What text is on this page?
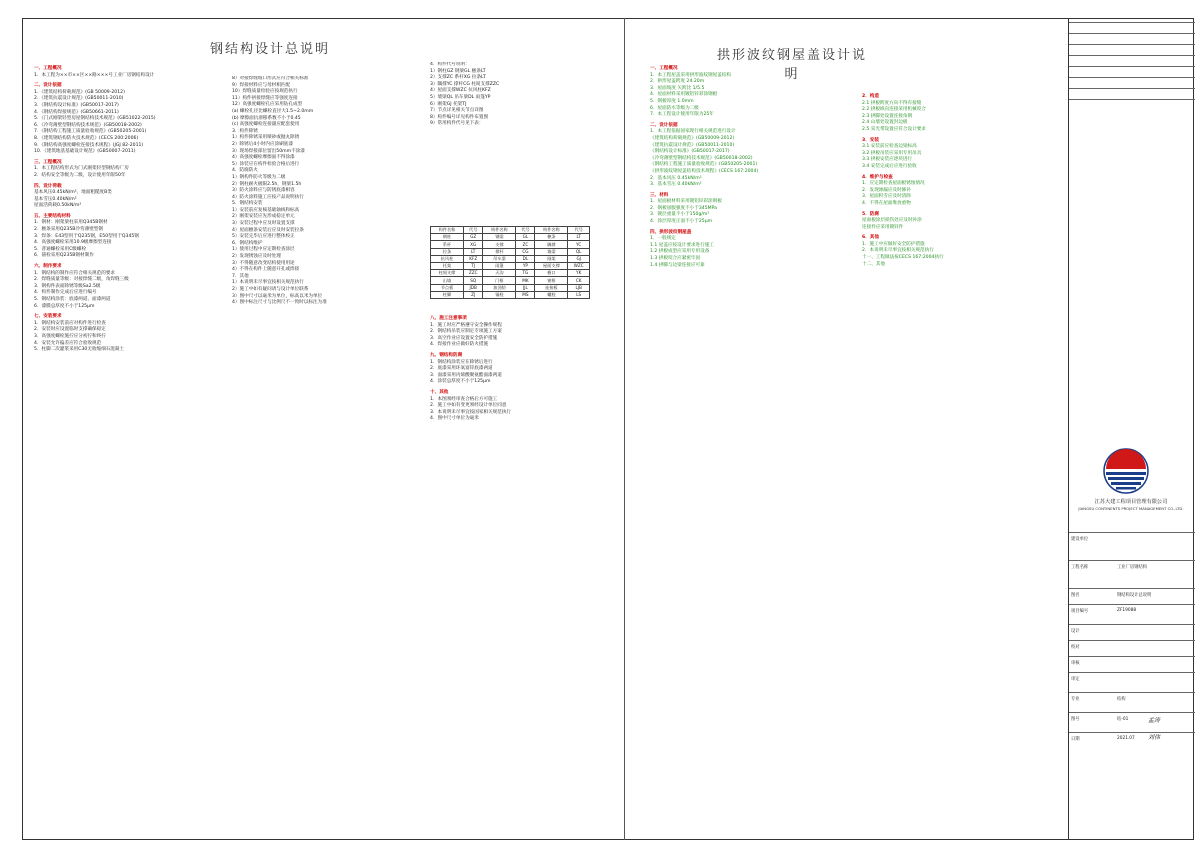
钢结构设计总说明	拱形波纹钢屋盖设计说明
一、工程概况
1．本工程为××市××区××路×××号工业厂房钢结构设计
二、设计依据
1．《建筑结构荷载规范》(GB 50009-2012)
2．《建筑抗震设计规范》(GB50011-2010)
3．《钢结构设计标准》(GB50017-2017)
4．《钢结构焊接规范》(GB50661-2011)
5．《门式刚架轻型房屋钢结构技术规范》(GB51022-2015)
6．《冷弯薄壁型钢结构技术规范》(GB50018-2002)
7．《钢结构工程施工质量验收规范》(GB50205-2001)
8．《建筑钢结构防火技术规范》(CECS 200:2006)
9．《钢结构高强度螺栓连接技术规程》(JGJ 82-2011)
10．《建筑地基基础设计规范》(GB50007-2011)
三、工程概况
1．本工程结构形式为门式刚架轻型钢结构厂房
2．结构安全等级为二级，设计使用年限50年
四、设计荷载
基本风压0.45kN/m²，地面粗糙度B类
基本雪压0.40kN/m²
屋面活荷载0.50kN/m²
五、主要结构材料
1．钢材：刚架梁柱采用Q345B钢材
2．檩条采用Q235B冷弯薄壁型钢
3．焊条：E43型用于Q235钢，E50型用于Q345钢
4．高强度螺栓采用10.9级摩擦型连接
5．普通螺栓采用C级螺栓
6．锚栓采用Q235B钢材制作
六、制作要求
1．钢结构的制作应符合相关规范的要求
2．焊缝质量等级：对接焊缝二级，角焊缝三级
3．钢构件表面除锈等级Sa2.5级
4．构件制作完成后应进行编号
5．钢结构涂装：底漆两道，面漆两道
6．漆膜总厚度不小于125μm
七、安装要求
1．钢结构安装前应对构件进行检查
2．安装时应设置临时支撑确保稳定
3．高强度螺栓施拧应分初拧和终拧
4．安装允许偏差应符合验收规范
5．柱脚二次灌浆采用C30无收缩细石混凝土
8）对接焊缝坡口形式应符合相关标准
9）焊接材料应与母材相匹配
10）焊缝质量检验应按规范执行
11）构件拼接焊缝应等强度连接
12）高强度螺栓孔应采用钻孔成型
(a) 螺栓孔径比螺栓直径大1.5~2.0mm
(b) 摩擦面抗滑移系数不小于0.45
(c) 高强度螺栓连接副应配套使用
3．构件除锈
1）构件除锈采用喷砂或抛丸除锈
2）除锈后4小时内应涂刷底漆
3）现场焊接部位留出50mm不涂漆
4）高强度螺栓摩擦面不得涂漆
5）涂装应在构件检验合格后进行
4．防腐防火
1）钢构件防火等级为二级
2）钢柱耐火极限2.5h，钢梁1.5h
3）防火涂料应与防锈底漆相容
4）防火涂料施工应按产品说明执行
5．钢结构安装
1）安装前应复核基础轴线和标高
2）刚架安装应先形成稳定单元
3）安装过程中应及时设置支撑
4）屋面檩条安装后应及时安装拉条
5）安装完毕后应进行整体校正
6．钢结构维护
1）使用过程中应定期检查涂层
2）发现锈蚀应及时处理
3）不得随意改变结构使用用途
4）不得在构件上随意开孔或焊接
7．其他
1）本说明未尽事宜按相关规范执行
2）施工中如有疑问请与设计单位联系
3）图中尺寸以毫米为单位，标高以米为单位
4）图中标注尺寸与比例尺不一致时以标注为准
4．构件代号说明：
1）钢柱GZ 钢梁GL 檩条LT
2）支撑ZC 系杆XG 拉条LT
3）隅撑YC 撑杆CG 柱间支撑ZZC
4）屋面支撑WZC 抗风柱KFZ
5）墙梁QL 吊车梁DL 雨篷YP
6）刚架GJ 托架TJ
7）节点详见相关节点详图
8）构件编号详见构件布置图
9）常用构件代号见下表：
构件名称	代号	构件名称	代号	构件名称	代号
钢柱	GZ	钢梁	GL	檩条	LT
系杆	XG	支撑	ZC	隅撑	YC
拉条	LT	撑杆	CG	墙梁	QL
抗风柱	KFZ	吊车梁	DL	刚架	GJ
托架	TJ	雨篷	YP	屋面支撑	WZC
柱间支撑	ZZC	天沟	TG	檐口	YK
山墙	SQ	门框	MK	窗框	CK
节点板	JDB	加劲肋	JJL	连接板	LJB
柱脚	ZJ	锚栓	MS	螺栓	LS
八、施工注意事项
1．施工时应严格遵守安全操作规程
2．钢结构吊装应制定专项施工方案
3．高空作业应设置安全防护措施
4．焊接作业应做好防火措施
九、钢结构防腐
1．钢结构涂装应在除锈后进行
2．底漆采用环氧富锌底漆两道
3．面漆采用丙烯酸聚氨酯面漆两道
4．涂装总厚度不小于125μm
十、其他
1．本图须经审查合格后方可施工
2．施工中如有变更须经设计单位同意
3．本说明未尽事宜按国家相关规范执行
4．图中尺寸单位为毫米
一、工程概况
1．本工程屋盖采用拱形波纹钢屋盖结构
2．拱形屋盖跨度 24.20m
3．屋面坡度 矢跨比 1/5.5
4．屋面材料采用镀铝锌彩涂钢板
5．钢板厚度 1.0mm
6．屋面防水等级为二级
7．本工程设计使用年限为25年
二、设计依据
1．本工程依据国家现行相关规范进行设计
《建筑结构荷载规范》(GB50009-2012)
《建筑抗震设计规范》(GB50011-2010)
《钢结构设计标准》(GB50017-2017)
《冷弯薄壁型钢结构技术规范》(GB50018-2002)
《钢结构工程施工质量验收规范》(GB50205-2001)
《拱形波纹钢屋盖结构技术规程》(CECS 167:2004)
2．基本风压 0.45kN/m²
3．基本雪压 0.40kN/m²
三、材料
1．屋面板材料采用镀铝锌彩涂钢板
2．钢板屈服强度不小于345MPa
3．镀层重量不小于150g/m²
4．涂层厚度正面不小于25μm
四、拱形波纹钢屋盖
1．一般规定
1.1 屋盖应按设计要求进行施工
1.2 拱板成型应采用专用设备
1.3 拱板咬合应紧密牢固
1.4 拱脚与边梁连接应可靠
2．构造
2.1 拱板跨度方向不得有接缝
2.2 拱板纵向连接采用机械咬合
2.3 拱脚处设置连接角钢
2.4 山墙处设置封边板
2.5 采光带设置应符合设计要求
3．安装
3.1 安装前应检查边梁标高
3.2 拱板吊装应采用专用吊具
3.3 拱板安装应逐块进行
3.4 安装完成后应进行验收
4．维护与检查
1．应定期检查屋面板锈蚀情况
2．发现渗漏应及时修补
3．屋面积雪应及时清除
4．不得在屋面堆放重物
5．防腐
屋面板涂层损伤处应及时补涂
连接件应采用镀锌件
6．其他
1．施工中应做好安全防护措施
2．本说明未尽事宜按相关规范执行
十一、工程做法按CECS 167:2004执行
十二、其他
建设单位
工程名称	工业厂房钢结构
图名	钢结构设计总说明
项目编号	ZF19088
设计
校对
审核
审定
专业	结构
图号	结-01
日期	2021.07
江苏大建工程项目管理有限公司
JIANGSU CONTINENTS PROJECT MANAGEMENT CO.,LTD.
孟涛
刘伟
